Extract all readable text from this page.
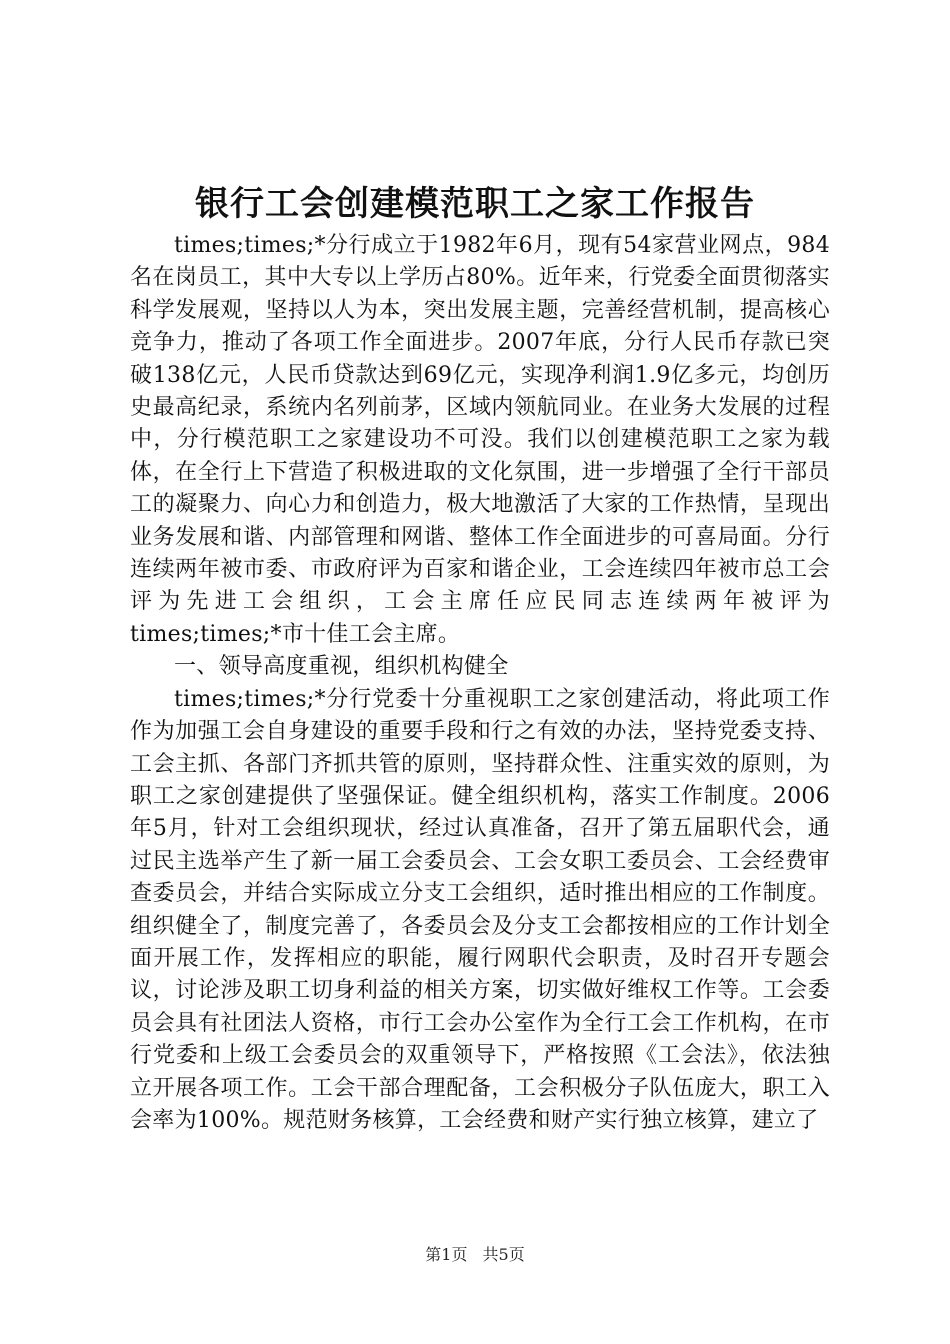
银行工会创建模范职工之家工作报告

times;times;*分行成立于1982年6月，现有54家营业网点，984名在岗员工，其中大专以上学历占80%。近年来，行党委全面贯彻落实科学发展观，坚持以人为本，突出发展主题，完善经营机制，提高核心竞争力，推动了各项工作全面进步。2007年底，分行人民币存款已突破138亿元，人民币贷款达到69亿元，实现净利润1.9亿多元，均创历史最高纪录，系统内名列前茅，区域内领航同业。在业务大发展的过程中，分行模范职工之家建设功不可没。我们以创建模范职工之家为载体，在全行上下营造了积极进取的文化氛围，进一步增强了全行干部员工的凝聚力、向心力和创造力，极大地激活了大家的工作热情，呈现出业务发展和谐、内部管理和网谐、整体工作全面进步的可喜局面。分行连续两年被市委、市政府评为百家和谐企业，工会连续四年被市总工会评为先进工会组织，工会主席任应民同志连续两年被评为times;times;*市十佳工会主席。

一、领导高度重视，组织机构健全

times;times;*分行党委十分重视职工之家创建活动，将此项工作作为加强工会自身建设的重要手段和行之有效的办法，坚持党委支持、工会主抓、各部门齐抓共管的原则，坚持群众性、注重实效的原则，为职工之家创建提供了坚强保证。健全组织机构，落实工作制度。2006年5月，针对工会组织现状，经过认真准备，召开了第五届职代会，通过民主选举产生了新一届工会委员会、工会女职工委员会、工会经费审查委员会，并结合实际成立分支工会组织，适时推出相应的工作制度。组织健全了，制度完善了，各委员会及分支工会都按相应的工作计划全面开展工作，发挥相应的职能，履行网职代会职责，及时召开专题会议，讨论涉及职工切身利益的相关方案，切实做好维权工作等。工会委员会具有社团法人资格，市行工会办公室作为全行工会工作机构，在市行党委和上级工会委员会的双重领导下，严格按照《工会法》，依法独立开展各项工作。工会干部合理配备，工会积极分子队伍庞大，职工入会率为100%。规范财务核算，工会经费和财产实行独立核算，建立了

第1页 共5页
